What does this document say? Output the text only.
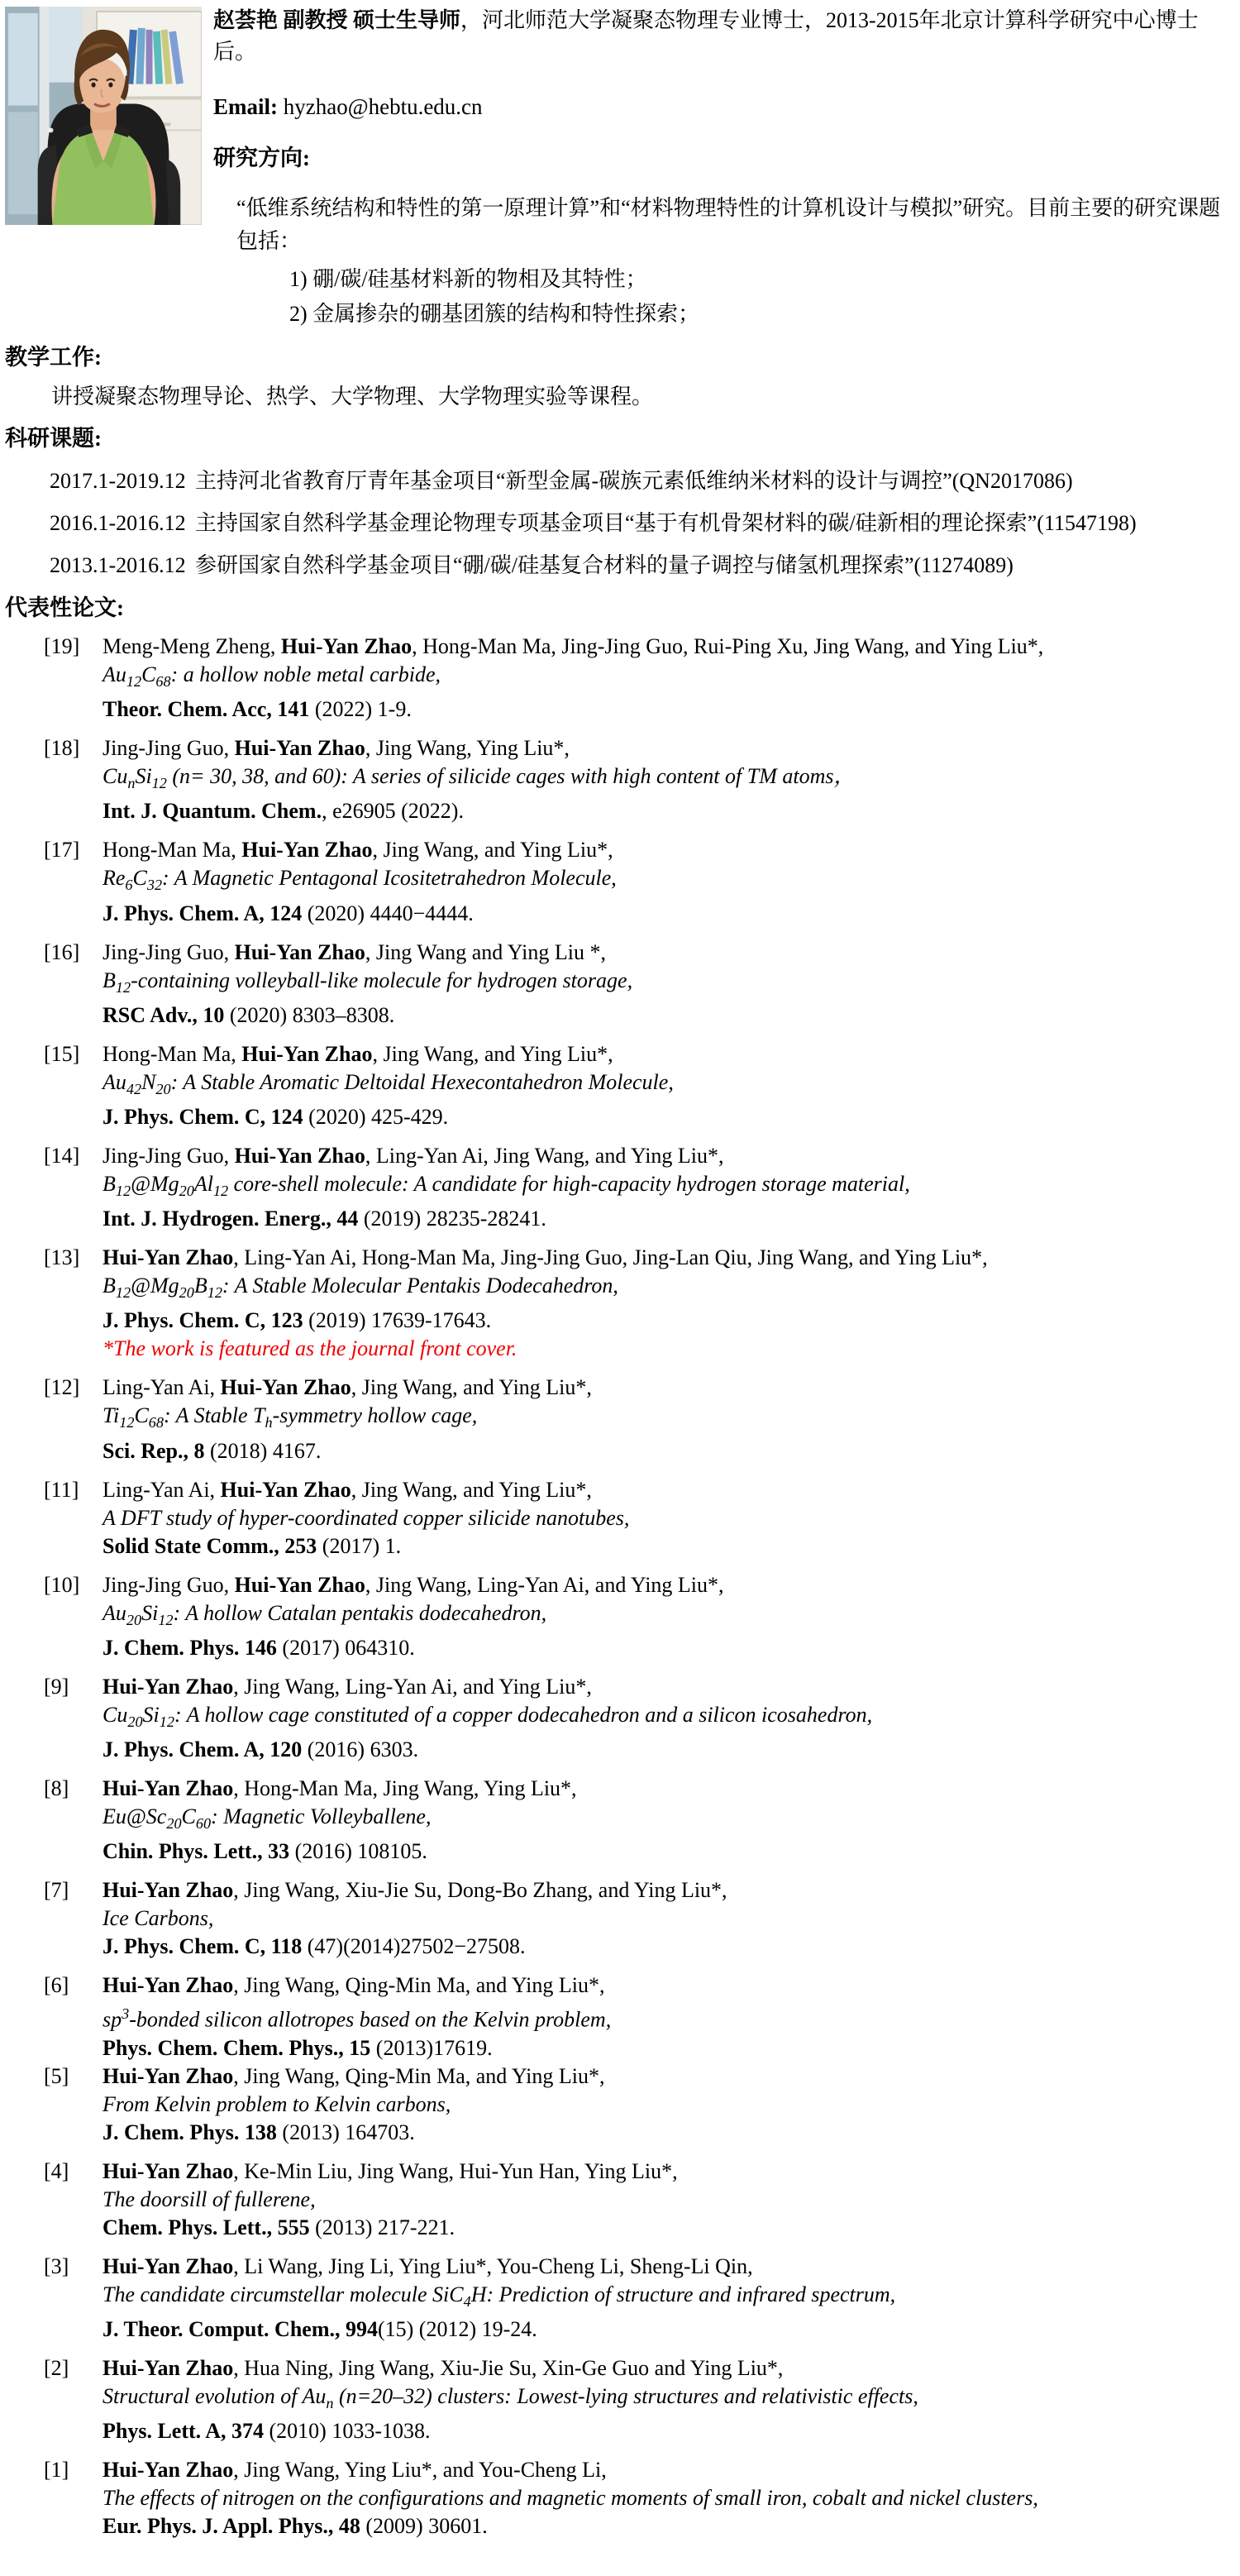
赵荟艳 副教授 硕士生导师，河北师范大学凝聚态物理专业博士，2013-2015年北京计算科学研究中心博士后。

Email: hyzhao@hebtu.edu.cn

研究方向:

“低维系统结构和特性的第一原理计算”和“材料物理特性的计算机设计与模拟”研究。目前主要的研究课题包括：

1) 硼/碳/硅基材料新的物相及其特性；
2) 金属掺杂的硼基团簇的结构和特性探索；

教学工作:

讲授凝聚态物理导论、热学、大学物理、大学物理实验等课程。

科研课题:

2017.1-2019.12 主持河北省教育厅青年基金项目“新型金属-碳族元素低维纳米材料的设计与调控”(QN2017086)
2016.1-2016.12 主持国家自然科学基金理论物理专项基金项目“基于有机骨架材料的碳/硅新相的理论探索”(11547198)
2013.1-2016.12 参研国家自然科学基金项目“硼/碳/硅基复合材料的量子调控与储氢机理探索”(11274089)

代表性论文:

[19]	Meng-Meng Zheng, Hui-Yan Zhao, Hong-Man Ma, Jing-Jing Guo, Rui-Ping Xu, Jing Wang, and Ying Liu*,
$Au_{12}C_{68}$: a hollow noble metal carbide,
Theor. Chem. Acc, 141 (2022) 1-9.
[18]	Jing-Jing Guo, Hui-Yan Zhao, Jing Wang, Ying Liu*,
$Cu_nSi_{12}$ (n= 30, 38, and 60): A series of silicide cages with high content of TM atoms，
Int. J. Quantum. Chem., e26905 (2022).
[17]	Hong-Man Ma, Hui-Yan Zhao, Jing Wang, and Ying Liu*,
$Re_6C_{32}$: A Magnetic Pentagonal Icositetrahedron Molecule,
J. Phys. Chem. A, 124 (2020) 4440−4444.
[16]	Jing-Jing Guo, Hui-Yan Zhao, Jing Wang and Ying Liu *,
$B_{12}$-containing volleyball-like molecule for hydrogen storage,
RSC Adv., 10 (2020) 8303–8308.
[15]	Hong-Man Ma, Hui-Yan Zhao, Jing Wang, and Ying Liu*,
$Au_{42}N_{20}$: A Stable Aromatic Deltoidal Hexecontahedron Molecule,
J. Phys. Chem. C, 124 (2020) 425-429.
[14]	Jing-Jing Guo, Hui-Yan Zhao, Ling-Yan Ai, Jing Wang, and Ying Liu*,
$B_{12}@Mg_{20}Al_{12}$ core-shell molecule: A candidate for high-capacity hydrogen storage material,
Int. J. Hydrogen. Energ., 44 (2019) 28235-28241.
[13]	Hui-Yan Zhao, Ling-Yan Ai, Hong-Man Ma, Jing-Jing Guo, Jing-Lan Qiu, Jing Wang, and Ying Liu*,
$B_{12}@Mg_{20}B_{12}$: A Stable Molecular Pentakis Dodecahedron,
J. Phys. Chem. C, 123 (2019) 17639-17643.
*The work is featured as the journal front cover.
[12]	Ling-Yan Ai, Hui-Yan Zhao, Jing Wang, and Ying Liu*,
$Ti_{12}C_{68}$: A Stable $T_h$-symmetry hollow cage,
Sci. Rep., 8 (2018) 4167.
[11]	Ling-Yan Ai, Hui-Yan Zhao, Jing Wang, and Ying Liu*,
A DFT study of hyper-coordinated copper silicide nanotubes,
Solid State Comm., 253 (2017) 1.
[10]	Jing-Jing Guo, Hui-Yan Zhao, Jing Wang, Ling-Yan Ai, and Ying Liu*,
$Au_{20}Si_{12}$: A hollow Catalan pentakis dodecahedron,
J. Chem. Phys. 146 (2017) 064310.
[9]	Hui-Yan Zhao, Jing Wang, Ling-Yan Ai, and Ying Liu*,
$Cu_{20}Si_{12}$: A hollow cage constituted of a copper dodecahedron and a silicon icosahedron,
J. Phys. Chem. A, 120 (2016) 6303.
[8]	Hui-Yan Zhao, Hong-Man Ma, Jing Wang, Ying Liu*,
$Eu@Sc_{20}C_{60}$: Magnetic Volleyballene,
Chin. Phys. Lett., 33 (2016) 108105.
[7]	Hui-Yan Zhao, Jing Wang, Xiu-Jie Su, Dong-Bo Zhang, and Ying Liu*,
Ice Carbons,
J. Phys. Chem. C, 118 (47)(2014)27502−27508.
[6]	Hui-Yan Zhao, Jing Wang, Qing-Min Ma, and Ying Liu*,
$sp^3$-bonded silicon allotropes based on the Kelvin problem,
Phys. Chem. Chem. Phys., 15 (2013)17619.
[5]	Hui-Yan Zhao, Jing Wang, Qing-Min Ma, and Ying Liu*,
From Kelvin problem to Kelvin carbons,
J. Chem. Phys. 138 (2013) 164703.
[4]	Hui-Yan Zhao, Ke-Min Liu, Jing Wang, Hui-Yun Han, Ying Liu*,
The doorsill of fullerene,
Chem. Phys. Lett., 555 (2013) 217-221.
[3]	Hui-Yan Zhao, Li Wang, Jing Li, Ying Liu*, You-Cheng Li, Sheng-Li Qin,
The candidate circumstellar molecule SiC$_4$H: Prediction of structure and infrared spectrum,
J. Theor. Comput. Chem., 994(15) (2012) 19-24.
[2]	Hui-Yan Zhao, Hua Ning, Jing Wang, Xiu-Jie Su, Xin-Ge Guo and Ying Liu*,
Structural evolution of $Au_n$ (n=20–32) clusters: Lowest-lying structures and relativistic effects,
Phys. Lett. A, 374 (2010) 1033-1038.
[1]	Hui-Yan Zhao, Jing Wang, Ying Liu*, and You-Cheng Li,
The effects of nitrogen on the configurations and magnetic moments of small iron, cobalt and nickel clusters,
Eur. Phys. J. Appl. Phys., 48 (2009) 30601.
